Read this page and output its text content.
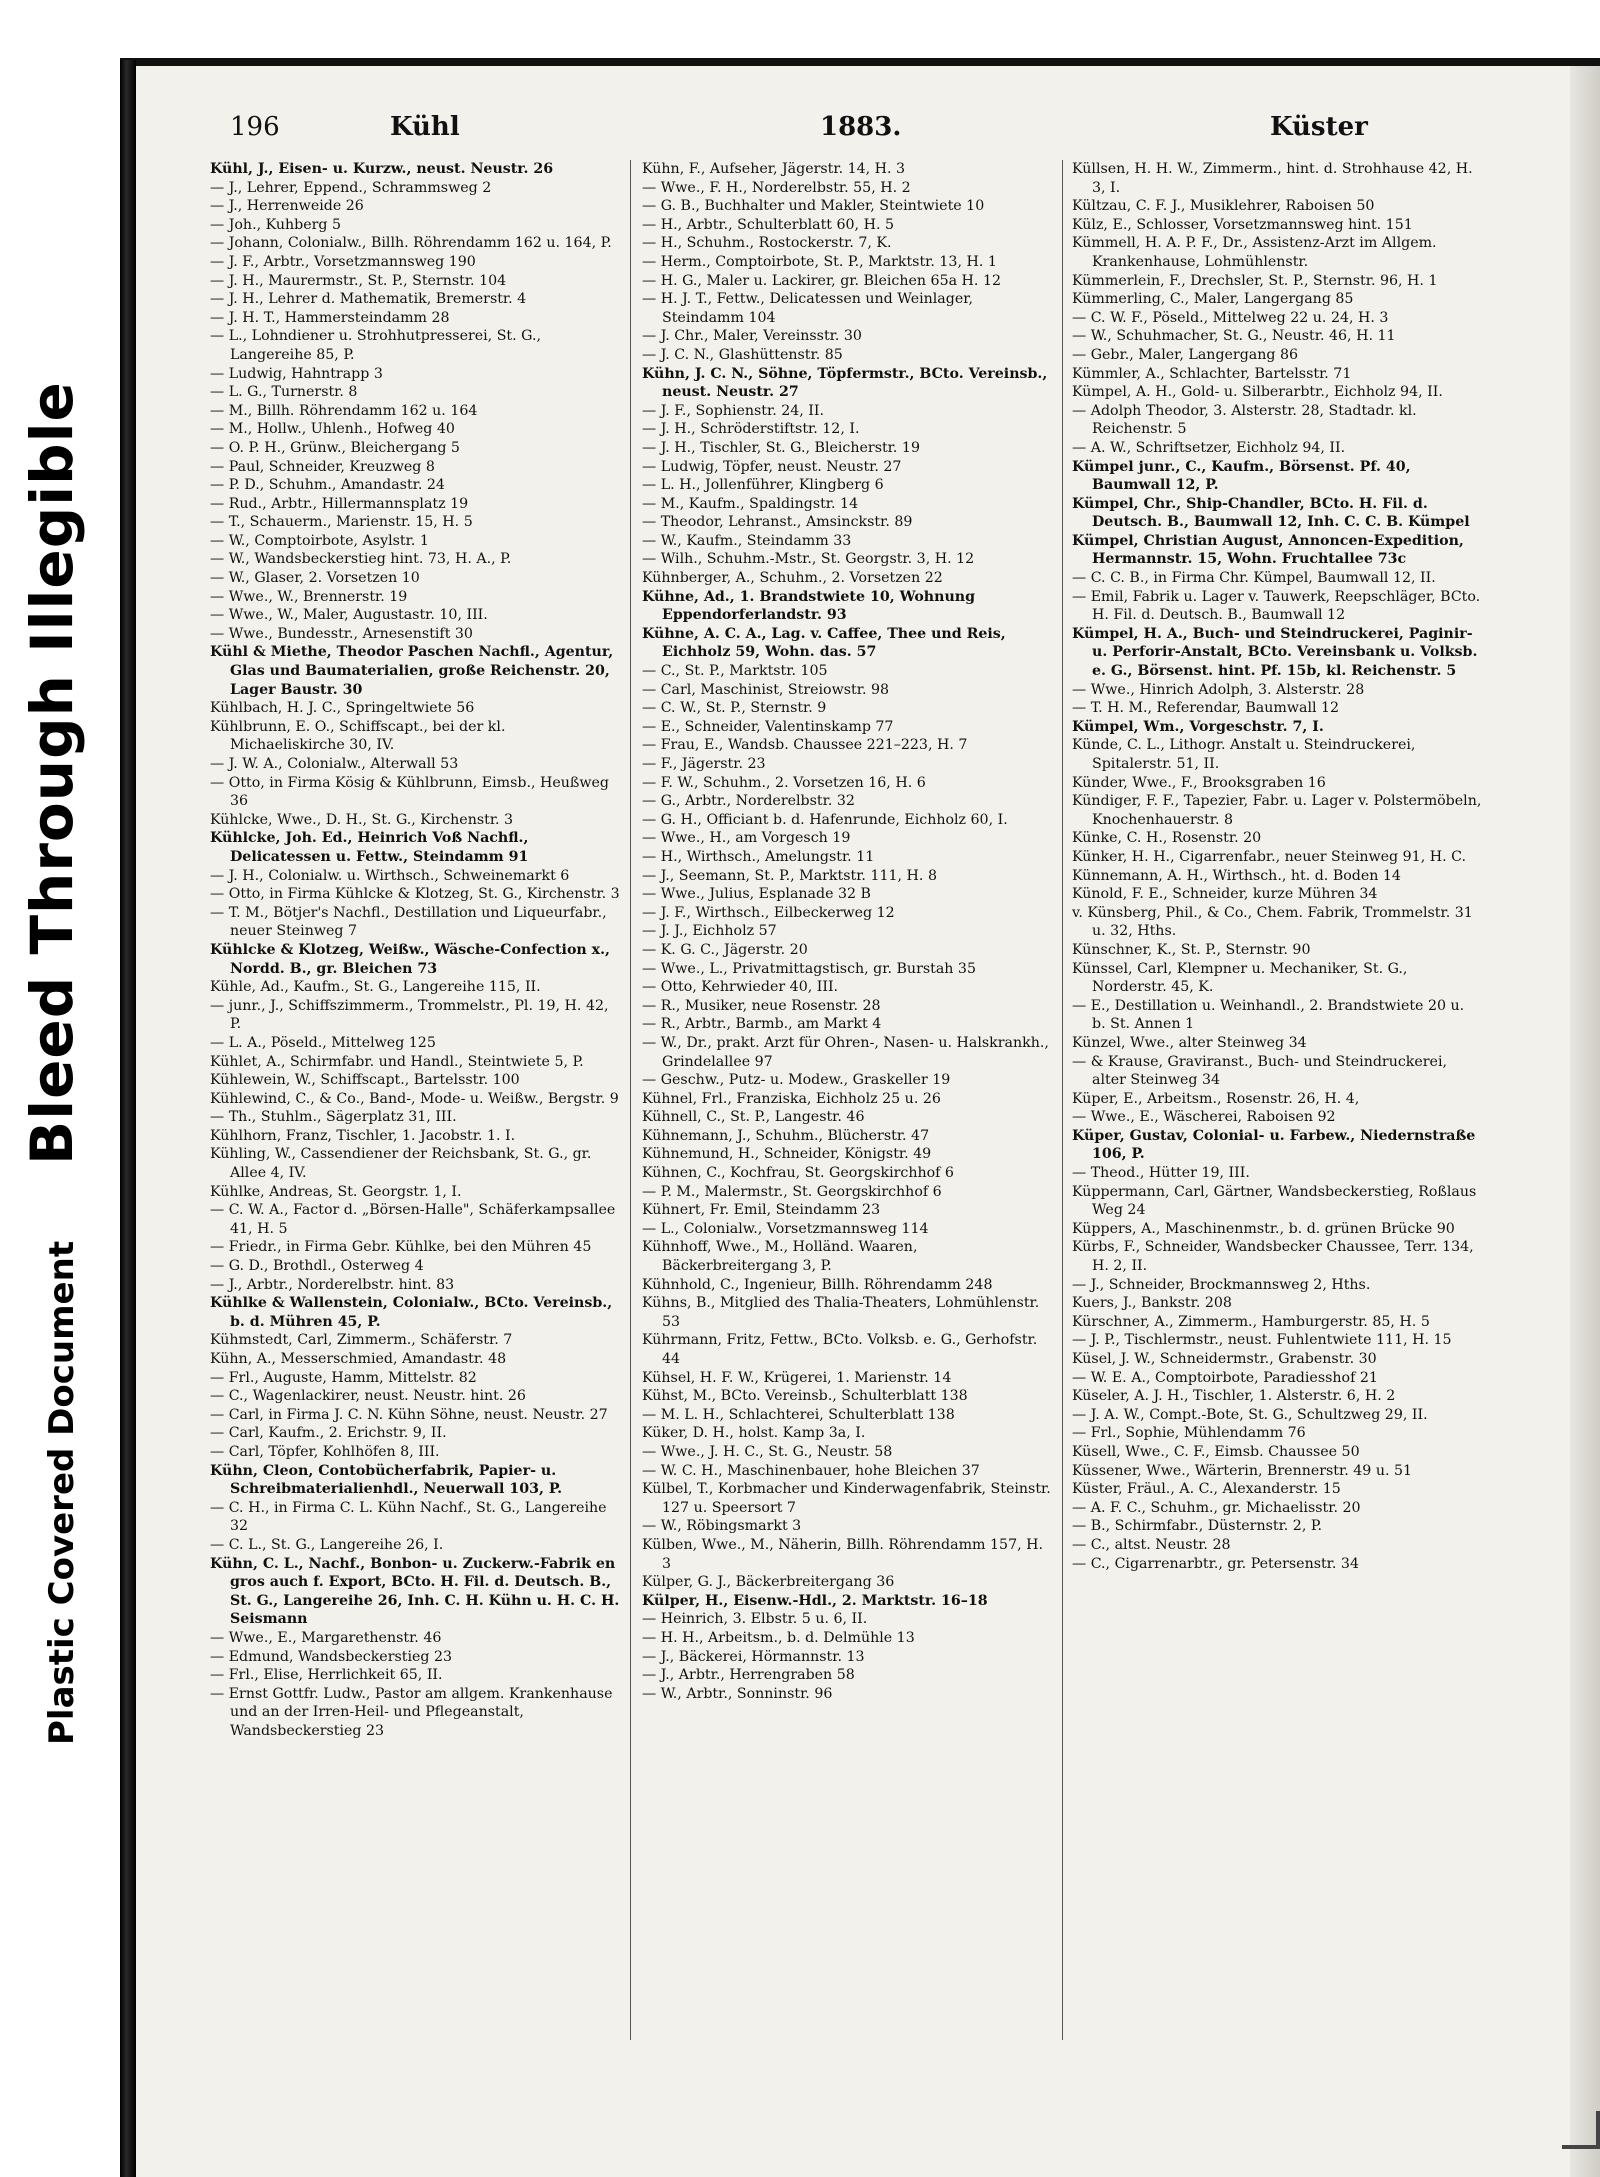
Bleed Through Illegible
Plastic Covered Document
196	Kühl	1883.	Küster

Kühl, J., Eisen- u. Kurzw., neust. Neustr. 26

— J., Lehrer, Eppend., Schrammsweg 2

— J., Herrenweide 26

— Joh., Kuhberg 5

— Johann, Colonialw., Billh. Röhrendamm 162 u. 164, P.

— J. F., Arbtr., Vorsetzmannsweg 190

— J. H., Maurermstr., St. P., Sternstr. 104

— J. H., Lehrer d. Mathematik, Bremerstr. 4

— J. H. T., Hammersteindamm 28

— L., Lohndiener u. Strohhutpresserei, St. G., Langereihe 85, P.

— Ludwig, Hahntrapp 3

— L. G., Turnerstr. 8

— M., Billh. Röhrendamm 162 u. 164

— M., Hollw., Uhlenh., Hofweg 40

— O. P. H., Grünw., Bleichergang 5

— Paul, Schneider, Kreuzweg 8

— P. D., Schuhm., Amandastr. 24

— Rud., Arbtr., Hillermannsplatz 19

— T., Schauerm., Marienstr. 15, H. 5

— W., Comptoirbote, Asylstr. 1

— W., Wandsbeckerstieg hint. 73, H. A., P.

— W., Glaser, 2. Vorsetzen 10

— Wwe., W., Brennerstr. 19

— Wwe., W., Maler, Augustastr. 10, III.

— Wwe., Bundesstr., Arnesenstift 30

Kühl & Miethe, Theodor Paschen Nachfl., Agentur, Glas und Baumaterialien, große Reichenstr. 20, Lager Baustr. 30

Kühlbach, H. J. C., Springeltwiete 56

Kühlbrunn, E. O., Schiffscapt., bei der kl. Michaeliskirche 30, IV.

— J. W. A., Colonialw., Alterwall 53

— Otto, in Firma Kösig & Kühlbrunn, Eimsb., Heußweg 36

Kühlcke, Wwe., D. H., St. G., Kirchenstr. 3

Kühlcke, Joh. Ed., Heinrich Voß Nachfl., Delicatessen u. Fettw., Steindamm 91

— J. H., Colonialw. u. Wirthsch., Schweinemarkt 6

— Otto, in Firma Kühlcke & Klotzeg, St. G., Kirchenstr. 3

— T. M., Bötjer's Nachfl., Destillation und Liqueurfabr., neuer Steinweg 7

Kühlcke & Klotzeg, Weißw., Wäsche-Confection x., Nordd. B., gr. Bleichen 73

Kühle, Ad., Kaufm., St. G., Langereihe 115, II.

— junr., J., Schiffszimmerm., Trommelstr., Pl. 19, H. 42, P.

— L. A., Pöseld., Mittelweg 125

Kühlet, A., Schirmfabr. und Handl., Steintwiete 5, P.

Kühlewein, W., Schiffscapt., Bartelsstr. 100

Kühlewind, C., & Co., Band-, Mode- u. Weißw., Bergstr. 9

— Th., Stuhlm., Sägerplatz 31, III.

Kühlhorn, Franz, Tischler, 1. Jacobstr. 1. I.

Kühling, W., Cassendiener der Reichsbank, St. G., gr. Allee 4, IV.

Kühlke, Andreas, St. Georgstr. 1, I.

— C. W. A., Factor d. „Börsen-Halle", Schäferkampsallee 41, H. 5

— Friedr., in Firma Gebr. Kühlke, bei den Mühren 45

— G. D., Brothdl., Osterweg 4

— J., Arbtr., Norderelbstr. hint. 83

Kühlke & Wallenstein, Colonialw., BCto. Vereinsb., b. d. Mühren 45, P.

Kühmstedt, Carl, Zimmerm., Schäferstr. 7

Kühn, A., Messerschmied, Amandastr. 48

— Frl., Auguste, Hamm, Mittelstr. 82

— C., Wagenlackirer, neust. Neustr. hint. 26

— Carl, in Firma J. C. N. Kühn Söhne, neust. Neustr. 27

— Carl, Kaufm., 2. Erichstr. 9, II.

— Carl, Töpfer, Kohlhöfen 8, III.

Kühn, Cleon, Contobücherfabrik, Papier- u. Schreibmaterialienhdl., Neuerwall 103, P.

— C. H., in Firma C. L. Kühn Nachf., St. G., Langereihe 32

— C. L., St. G., Langereihe 26, I.

Kühn, C. L., Nachf., Bonbon- u. Zuckerw.-Fabrik en gros auch f. Export, BCto. H. Fil. d. Deutsch. B., St. G., Langereihe 26, Inh. C. H. Kühn u. H. C. H. Seismann

— Wwe., E., Margarethenstr. 46

— Edmund, Wandsbeckerstieg 23

— Frl., Elise, Herrlichkeit 65, II.

— Ernst Gottfr. Ludw., Pastor am allgem. Krankenhause und an der Irren-Heil- und Pflegeanstalt, Wandsbeckerstieg 23

Kühn, F., Aufseher, Jägerstr. 14, H. 3

— Wwe., F. H., Norderelbstr. 55, H. 2

— G. B., Buchhalter und Makler, Steintwiete 10

— H., Arbtr., Schulterblatt 60, H. 5

— H., Schuhm., Rostockerstr. 7, K.

— Herm., Comptoirbote, St. P., Marktstr. 13, H. 1

— H. G., Maler u. Lackirer, gr. Bleichen 65a H. 12

— H. J. T., Fettw., Delicatessen und Weinlager, Steindamm 104

— J. Chr., Maler, Vereinsstr. 30

— J. C. N., Glashüttenstr. 85

Kühn, J. C. N., Söhne, Töpfermstr., BCto. Vereinsb., neust. Neustr. 27

— J. F., Sophienstr. 24, II.

— J. H., Schröderstiftstr. 12, I.

— J. H., Tischler, St. G., Bleicherstr. 19

— Ludwig, Töpfer, neust. Neustr. 27

— L. H., Jollenführer, Klingberg 6

— M., Kaufm., Spaldingstr. 14

— Theodor, Lehranst., Amsinckstr. 89

— W., Kaufm., Steindamm 33

— Wilh., Schuhm.-Mstr., St. Georgstr. 3, H. 12

Kühnberger, A., Schuhm., 2. Vorsetzen 22

Kühne, Ad., 1. Brandstwiete 10, Wohnung Eppendorferlandstr. 93

Kühne, A. C. A., Lag. v. Caffee, Thee und Reis, Eichholz 59, Wohn. das. 57

— C., St. P., Marktstr. 105

— Carl, Maschinist, Streiowstr. 98

— C. W., St. P., Sternstr. 9

— E., Schneider, Valentinskamp 77

— Frau, E., Wandsb. Chaussee 221–223, H. 7

— F., Jägerstr. 23

— F. W., Schuhm., 2. Vorsetzen 16, H. 6

— G., Arbtr., Norderelbstr. 32

— G. H., Officiant b. d. Hafenrunde, Eichholz 60, I.

— Wwe., H., am Vorgesch 19

— H., Wirthsch., Amelungstr. 11

— J., Seemann, St. P., Marktstr. 111, H. 8

— Wwe., Julius, Esplanade 32 B

— J. F., Wirthsch., Eilbeckerweg 12

— J. J., Eichholz 57

— K. G. C., Jägerstr. 20

— Wwe., L., Privatmittagstisch, gr. Burstah 35

— Otto, Kehrwieder 40, III.

— R., Musiker, neue Rosenstr. 28

— R., Arbtr., Barmb., am Markt 4

— W., Dr., prakt. Arzt für Ohren-, Nasen- u. Halskrankh., Grindelallee 97

— Geschw., Putz- u. Modew., Graskeller 19

Kühnel, Frl., Franziska, Eichholz 25 u. 26

Kühnell, C., St. P., Langestr. 46

Kühnemann, J., Schuhm., Blücherstr. 47

Kühnemund, H., Schneider, Königstr. 49

Kühnen, C., Kochfrau, St. Georgskirchhof 6

— P. M., Malermstr., St. Georgskirchhof 6

Kühnert, Fr. Emil, Steindamm 23

— L., Colonialw., Vorsetzmannsweg 114

Kühnhoff, Wwe., M., Holländ. Waaren, Bäckerbreitergang 3, P.

Kühnhold, C., Ingenieur, Billh. Röhrendamm 248

Kühns, B., Mitglied des Thalia-Theaters, Lohmühlenstr. 53

Kührmann, Fritz, Fettw., BCto. Volksb. e. G., Gerhofstr. 44

Kühsel, H. F. W., Krügerei, 1. Marienstr. 14

Kühst, M., BCto. Vereinsb., Schulterblatt 138

— M. L. H., Schlachterei, Schulterblatt 138

Küker, D. H., holst. Kamp 3a, I.

— Wwe., J. H. C., St. G., Neustr. 58

— W. C. H., Maschinenbauer, hohe Bleichen 37

Külbel, T., Korbmacher und Kinderwagenfabrik, Steinstr. 127 u. Speersort 7

— W., Röbingsmarkt 3

Külben, Wwe., M., Näherin, Billh. Röhrendamm 157, H. 3

Külper, G. J., Bäckerbreitergang 36

Külper, H., Eisenw.-Hdl., 2. Marktstr. 16–18

— Heinrich, 3. Elbstr. 5 u. 6, II.

— H. H., Arbeitsm., b. d. Delmühle 13

— J., Bäckerei, Hörmannstr. 13

— J., Arbtr., Herrengraben 58

— W., Arbtr., Sonninstr. 96

Küllsen, H. H. W., Zimmerm., hint. d. Strohhause 42, H. 3, I.

Kültzau, C. F. J., Musiklehrer, Raboisen 50

Külz, E., Schlosser, Vorsetzmannsweg hint. 151

Kümmell, H. A. P. F., Dr., Assistenz-Arzt im Allgem. Krankenhause, Lohmühlenstr.

Kümmerlein, F., Drechsler, St. P., Sternstr. 96, H. 1

Kümmerling, C., Maler, Langergang 85

— C. W. F., Pöseld., Mittelweg 22 u. 24, H. 3

— W., Schuhmacher, St. G., Neustr. 46, H. 11

— Gebr., Maler, Langergang 86

Kümmler, A., Schlachter, Bartelsstr. 71

Kümpel, A. H., Gold- u. Silberarbtr., Eichholz 94, II.

— Adolph Theodor, 3. Alsterstr. 28, Stadtadr. kl. Reichenstr. 5

— A. W., Schriftsetzer, Eichholz 94, II.

Kümpel junr., C., Kaufm., Börsenst. Pf. 40, Baumwall 12, P.

Kümpel, Chr., Ship-Chandler, BCto. H. Fil. d. Deutsch. B., Baumwall 12, Inh. C. C. B. Kümpel

Kümpel, Christian August, Annoncen-Expedition, Hermannstr. 15, Wohn. Fruchtallee 73c

— C. C. B., in Firma Chr. Kümpel, Baumwall 12, II.

— Emil, Fabrik u. Lager v. Tauwerk, Reepschläger, BCto. H. Fil. d. Deutsch. B., Baumwall 12

Kümpel, H. A., Buch- und Steindruckerei, Paginir- u. Perforir-Anstalt, BCto. Vereinsbank u. Volksb. e. G., Börsenst. hint. Pf. 15b, kl. Reichenstr. 5

— Wwe., Hinrich Adolph, 3. Alsterstr. 28

— T. H. M., Referendar, Baumwall 12

Kümpel, Wm., Vorgeschstr. 7, I.

Künde, C. L., Lithogr. Anstalt u. Steindruckerei, Spitalerstr. 51, II.

Künder, Wwe., F., Brooksgraben 16

Kündiger, F. F., Tapezier, Fabr. u. Lager v. Polstermöbeln, Knochenhauerstr. 8

Künke, C. H., Rosenstr. 20

Künker, H. H., Cigarrenfabr., neuer Steinweg 91, H. C.

Künnemann, A. H., Wirthsch., ht. d. Boden 14

Künold, F. E., Schneider, kurze Mühren 34

v. Künsberg, Phil., & Co., Chem. Fabrik, Trommelstr. 31 u. 32, Hths.

Künschner, K., St. P., Sternstr. 90

Künssel, Carl, Klempner u. Mechaniker, St. G., Norderstr. 45, K.

— E., Destillation u. Weinhandl., 2. Brandstwiete 20 u. b. St. Annen 1

Künzel, Wwe., alter Steinweg 34

— & Krause, Graviranst., Buch- und Steindruckerei, alter Steinweg 34

Küper, E., Arbeitsm., Rosenstr. 26, H. 4,

— Wwe., E., Wäscherei, Raboisen 92

Küper, Gustav, Colonial- u. Farbew., Niedernstraße 106, P.

— Theod., Hütter 19, III.

Küppermann, Carl, Gärtner, Wandsbeckerstieg, Roßlaus Weg 24

Küppers, A., Maschinenmstr., b. d. grünen Brücke 90

Kürbs, F., Schneider, Wandsbecker Chaussee, Terr. 134, H. 2, II.

— J., Schneider, Brockmannsweg 2, Hths.

Kuers, J., Bankstr. 208

Kürschner, A., Zimmerm., Hamburgerstr. 85, H. 5

— J. P., Tischlermstr., neust. Fuhlentwiete 111, H. 15

Küsel, J. W., Schneidermstr., Grabenstr. 30

— W. E. A., Comptoirbote, Paradiesshof 21

Küseler, A. J. H., Tischler, 1. Alsterstr. 6, H. 2

— J. A. W., Compt.-Bote, St. G., Schultzweg 29, II.

— Frl., Sophie, Mühlendamm 76

Küsell, Wwe., C. F., Eimsb. Chaussee 50

Küssener, Wwe., Wärterin, Brennerstr. 49 u. 51

Küster, Fräul., A. C., Alexanderstr. 15

— A. F. C., Schuhm., gr. Michaelisstr. 20

— B., Schirmfabr., Düsternstr. 2, P.

— C., altst. Neustr. 28

— C., Cigarrenarbtr., gr. Petersenstr. 34
